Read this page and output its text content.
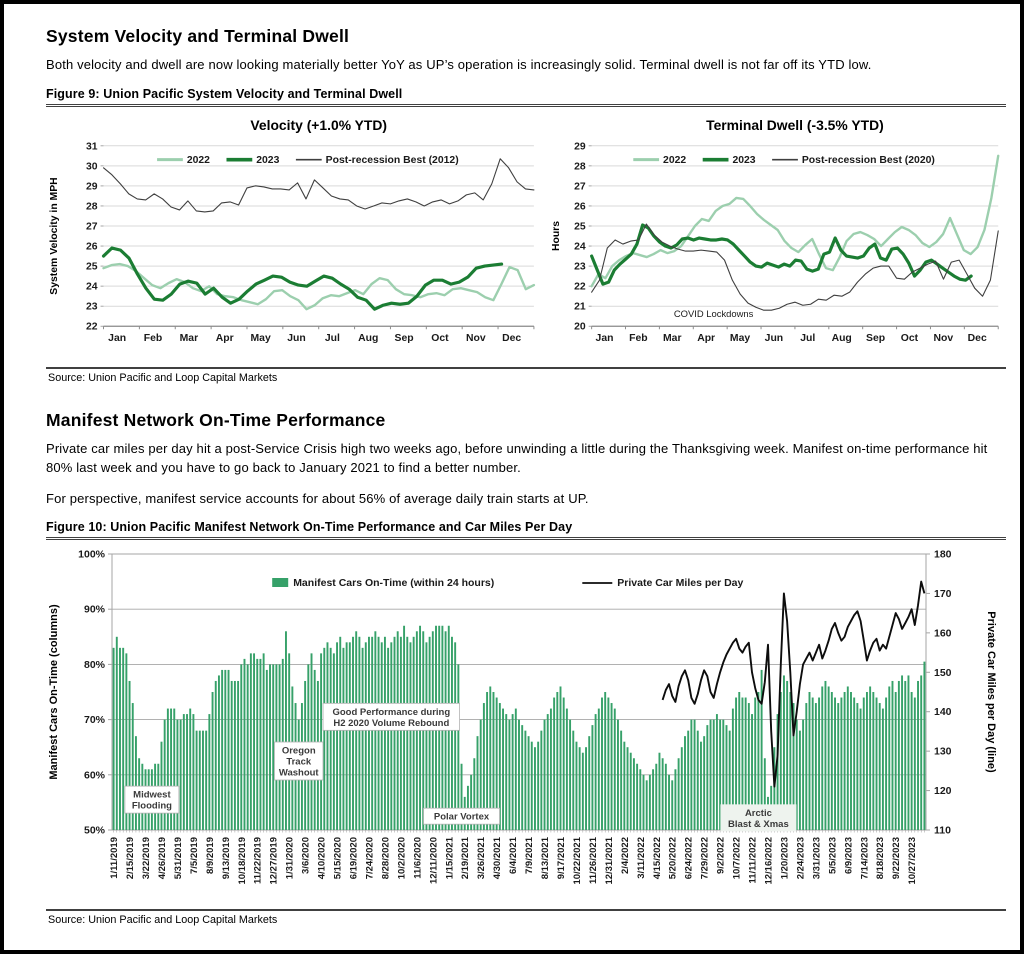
System Velocity and Terminal Dwell

Both velocity and dwell are now looking materially better YoY as UP’s operation is increasingly solid. Terminal dwell is not far off its YTD low.

Figure 9: Union Pacific System Velocity and Terminal Dwell
22
23
24
25
26
27
28
29
30
31
Jan Feb Mar Apr May Jun Jul Aug Sep Oct Nov Dec
Velocity (+1.0% YTD)
2022	2023	Post-recession Best (2012)
System Velocity in MPH
20
21
22
23
24
25
26
27
28
29
Jan Feb Mar Apr May Jun Jul Aug Sep Oct Nov Dec
Terminal Dwell (-3.5% YTD)
2022	2023	Post-recession Best (2020)
Hours
COVID Lockdowns
Source: Union Pacific and Loop Capital Markets
Manifest Network On-Time Performance

Private car miles per day hit a post-Service Crisis high two weeks ago, before unwinding a little during the Thanksgiving week. Manifest on-time performance hit 80% last week and you have to go back to January 2021 to find a better number.

For perspective, manifest service accounts for about 56% of average daily train starts at UP.

Figure 10: Union Pacific Manifest Network On-Time Performance and Car Miles Per Day
50%
60%
70%
80%
90%
100%
110
120
130
140
150
160
170
180
1/11/2019 2/15/2019 3/22/2019 4/26/2019 5/31/2019 7/5/2019 8/9/2019 9/13/2019 10/18/2019 11/22/2019 12/27/2019 1/31/2020 3/6/2020 4/10/2020 5/15/2020 6/19/2020 7/24/2020 8/28/2020 10/2/2020 11/6/2020 12/11/2020 1/15/2021 2/19/2021 3/26/2021 4/30/2021 6/4/2021 7/9/2021 8/13/2021 9/17/2021 10/22/2021 11/26/2021 12/31/2021 2/4/2022 3/11/2022 4/15/2022 5/20/2022 6/24/2022 7/29/2022 9/2/2022 10/7/2022 11/11/2022 12/16/2022 1/20/2023 2/24/2023 3/31/2023 5/5/2023 6/9/2023 7/14/2023 8/18/2023 9/22/2023 10/27/2023
Midwest
Flooding
Oregon
Track
Washout
Good Performance during
H2 2020 Volume Rebound
Polar Vortex	Arctic
Blast & Xmas
Manifest Cars On-Time (within 24 hours)	Private Car Miles per Day
Manifest Cars On-Time (columns)	Private Car Miles per Day (line)
Source: Union Pacific and Loop Capital Markets
